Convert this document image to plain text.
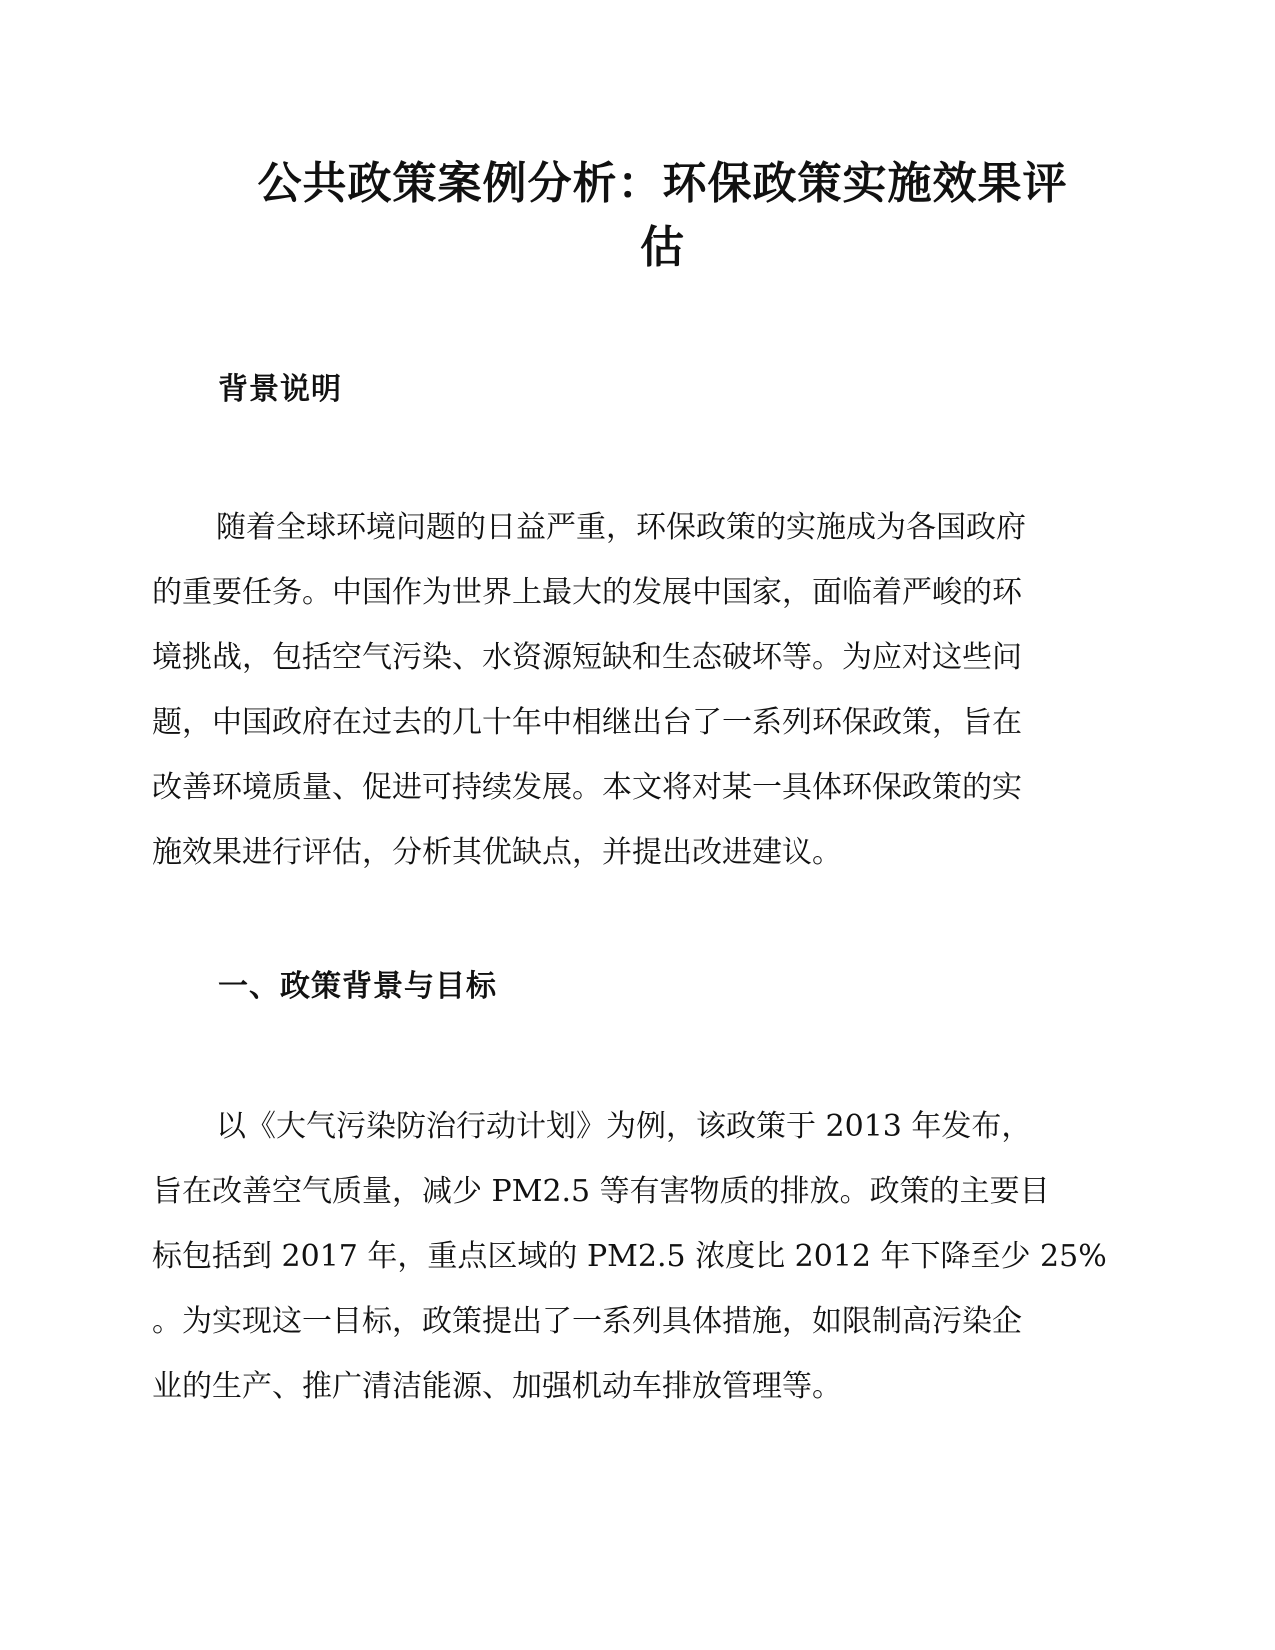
公共政策案例分析：环保政策实施效果评
估
背景说明

随着全球环境问题的日益严重，环保政策的实施成为各国政府
的重要任务。中国作为世界上最大的发展中国家，面临着严峻的环
境挑战，包括空气污染、水资源短缺和生态破坏等。为应对这些问
题，中国政府在过去的几十年中相继出台了一系列环保政策，旨在
改善环境质量、促进可持续发展。本文将对某一具体环保政策的实
施效果进行评估，分析其优缺点，并提出改进建议。

一、政策背景与目标

以《大气污染防治行动计划》为例，该政策于 2013 年发布，
旨在改善空气质量，减少 PM2.5 等有害物质的排放。政策的主要目
标包括到 2017 年，重点区域的 PM2.5 浓度比 2012 年下降至少 25%
。为实现这一目标，政策提出了一系列具体措施，如限制高污染企
业的生产、推广清洁能源、加强机动车排放管理等。
